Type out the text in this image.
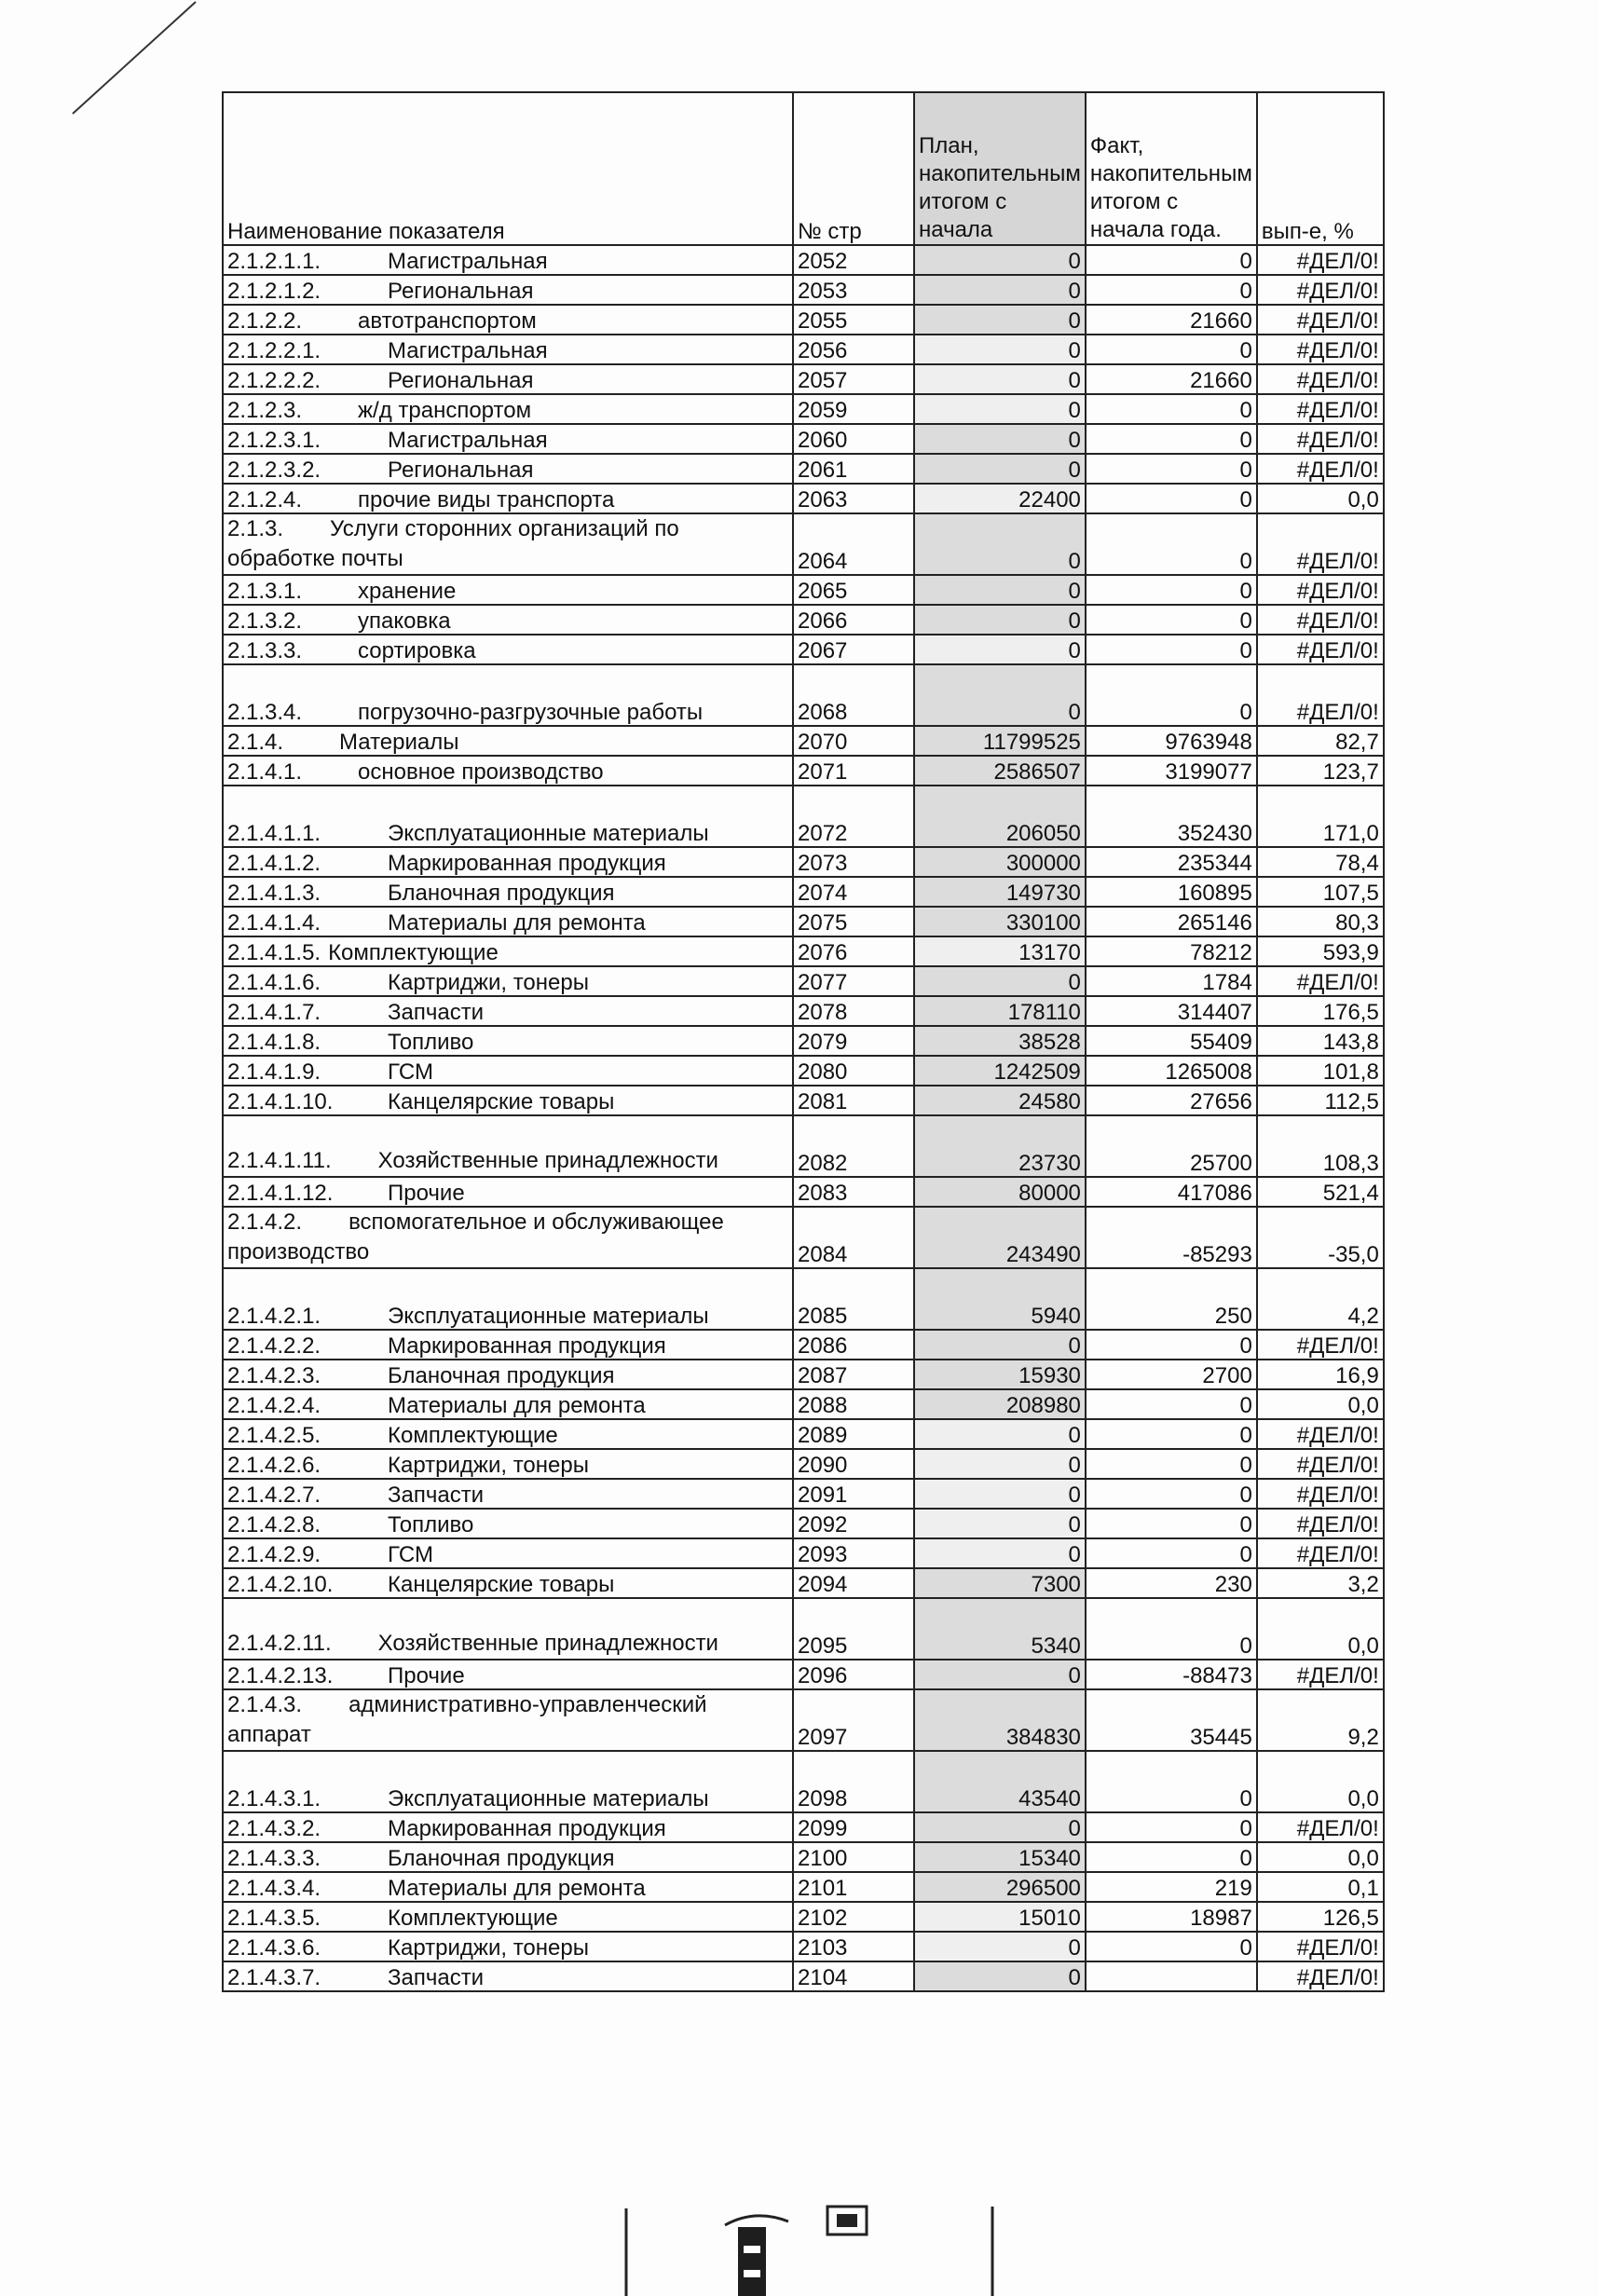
Наименование показателя	№ стр	План, накопительным итогом с начала	Факт, накопительным итогом с начала года.	вып-е, %
2.1.2.1.1. Магистральная	2052	0	0	#ДЕЛ/0!
2.1.2.1.2. Региональная	2053	0	0	#ДЕЛ/0!
2.1.2.2. автотранспортом	2055	0	21660	#ДЕЛ/0!
2.1.2.2.1. Магистральная	2056	0	0	#ДЕЛ/0!
2.1.2.2.2. Региональная	2057	0	21660	#ДЕЛ/0!
2.1.2.3. ж/д транспортом	2059	0	0	#ДЕЛ/0!
2.1.2.3.1. Магистральная	2060	0	0	#ДЕЛ/0!
2.1.2.3.2. Региональная	2061	0	0	#ДЕЛ/0!
2.1.2.4. прочие виды транспорта	2063	22400	0	0,0
2.1.3. Услуги сторонних организаций по обработке почты	2064	0	0	#ДЕЛ/0!
2.1.3.1. хранение	2065	0	0	#ДЕЛ/0!
2.1.3.2. упаковка	2066	0	0	#ДЕЛ/0!
2.1.3.3. сортировка	2067	0	0	#ДЕЛ/0!
2.1.3.4. погрузочно-разгрузочные работы	2068	0	0	#ДЕЛ/0!
2.1.4. Материалы	2070	11799525	9763948	82,7
2.1.4.1. основное производство	2071	2586507	3199077	123,7
2.1.4.1.1. Эксплуатационные материалы	2072	206050	352430	171,0
2.1.4.1.2. Маркированная продукция	2073	300000	235344	78,4
2.1.4.1.3. Бланочная продукция	2074	149730	160895	107,5
2.1.4.1.4. Материалы для ремонта	2075	330100	265146	80,3
2.1.4.1.5. Комплектующие	2076	13170	78212	593,9
2.1.4.1.6. Картриджи, тонеры	2077	0	1784	#ДЕЛ/0!
2.1.4.1.7. Запчасти	2078	178110	314407	176,5
2.1.4.1.8. Топливо	2079	38528	55409	143,8
2.1.4.1.9. ГСМ	2080	1242509	1265008	101,8
2.1.4.1.10. Канцелярские товары	2081	24580	27656	112,5
2.1.4.1.11. Хозяйственные принадлежности	2082	23730	25700	108,3
2.1.4.1.12. Прочие	2083	80000	417086	521,4
2.1.4.2. вспомогательное и обслуживающее производство	2084	243490	-85293	-35,0
2.1.4.2.1. Эксплуатационные материалы	2085	5940	250	4,2
2.1.4.2.2. Маркированная продукция	2086	0	0	#ДЕЛ/0!
2.1.4.2.3. Бланочная продукция	2087	15930	2700	16,9
2.1.4.2.4. Материалы для ремонта	2088	208980	0	0,0
2.1.4.2.5. Комплектующие	2089	0	0	#ДЕЛ/0!
2.1.4.2.6. Картриджи, тонеры	2090	0	0	#ДЕЛ/0!
2.1.4.2.7. Запчасти	2091	0	0	#ДЕЛ/0!
2.1.4.2.8. Топливо	2092	0	0	#ДЕЛ/0!
2.1.4.2.9. ГСМ	2093	0	0	#ДЕЛ/0!
2.1.4.2.10. Канцелярские товары	2094	7300	230	3,2
2.1.4.2.11. Хозяйственные принадлежности	2095	5340	0	0,0
2.1.4.2.13. Прочие	2096	0	-88473	#ДЕЛ/0!
2.1.4.3. административно-управленческий аппарат	2097	384830	35445	9,2
2.1.4.3.1. Эксплуатационные материалы	2098	43540	0	0,0
2.1.4.3.2. Маркированная продукция	2099	0	0	#ДЕЛ/0!
2.1.4.3.3. Бланочная продукция	2100	15340	0	0,0
2.1.4.3.4. Материалы для ремонта	2101	296500	219	0,1
2.1.4.3.5. Комплектующие	2102	15010	18987	126,5
2.1.4.3.6. Картриджи, тонеры	2103	0	0	#ДЕЛ/0!
2.1.4.3.7. Запчасти	2104	0		#ДЕЛ/0!
